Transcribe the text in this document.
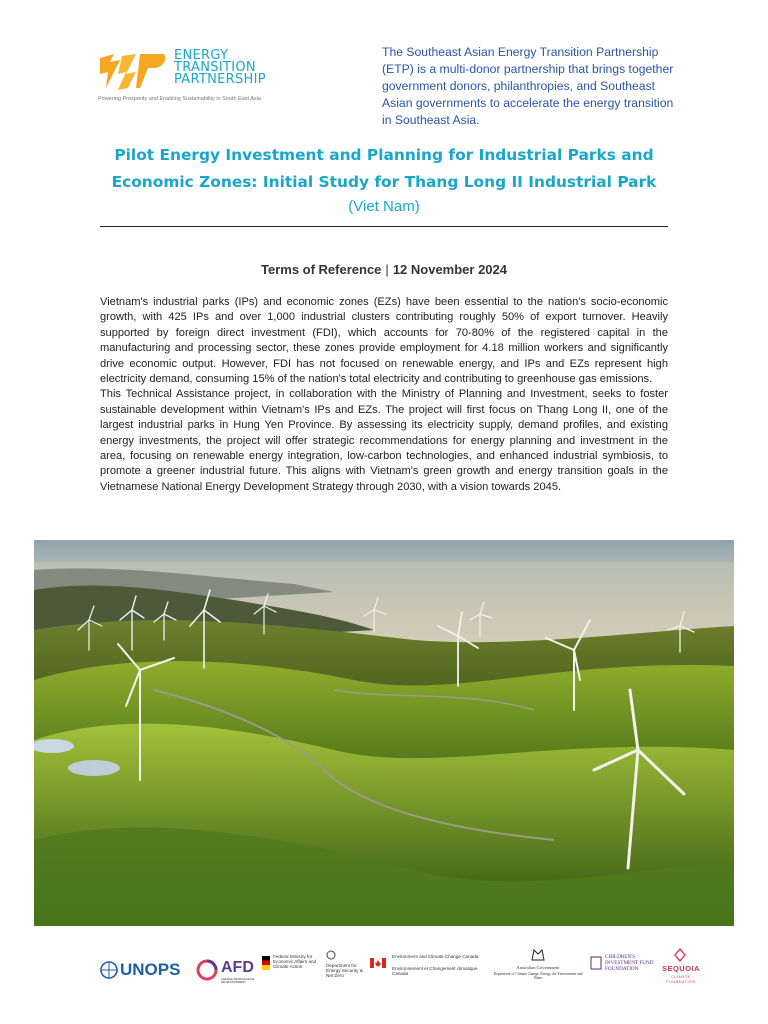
ENERGY
TRANSITION
PARTNERSHIP
Powering Prosperity and Enabling Sustainability in South East Asia
The Southeast Asian Energy Transition Partnership (ETP) is a multi-donor partnership that brings together government donors, philanthropies, and Southeast Asian governments to accelerate the energy transition in Southeast Asia.
Pilot Energy Investment and Planning for Industrial Parks and
Economic Zones: Initial Study for Thang Long II Industrial Park
(Viet Nam)
Terms of Reference | 12 November 2024

Vietnam's industrial parks (IPs) and economic zones (EZs) have been essential to the nation's socio-economic growth, with 425 IPs and over 1,000 industrial clusters contributing roughly 50% of export turnover. Heavily supported by foreign direct investment (FDI), which accounts for 70-80% of the registered capital in the manufacturing and processing sector, these zones provide employment for 4.18 million workers and significantly drive economic output. However, FDI has not focused on renewable energy, and IPs and EZs represent high electricity demand, consuming 15% of the nation's total electricity and contributing to greenhouse gas emissions.

This Technical Assistance project, in collaboration with the Ministry of Planning and Investment, seeks to foster sustainable development within Vietnam's IPs and EZs. The project will first focus on Thang Long II, one of the largest industrial parks in Hung Yen Province. By assessing its electricity supply, demand profiles, and existing energy investments, the project will offer strategic recommendations for energy planning and investment in the area, focusing on renewable energy integration, low-carbon technologies, and enhanced industrial symbiosis, to promote a greener industrial future. This aligns with Vietnam's green growth and energy transition goals in the Vietnamese National Energy Development Strategy through 2030, with a vision towards 2045.

UNOPS	AFD
AGENCE FRANÇAISE DE DÉVELOPPEMENT
Federal Ministry for Economic Affairs and Climate Action	Department for Energy Security & Net Zero
Environment and Climate Change Canada
Environnement et Changement climatique Canada
Australian Government
Department of Climate Change, Energy, the Environment and Water
CHILDREN'S INVESTMENT FUND FOUNDATION	SEQUOIA
CLIMATE FOUNDATION
